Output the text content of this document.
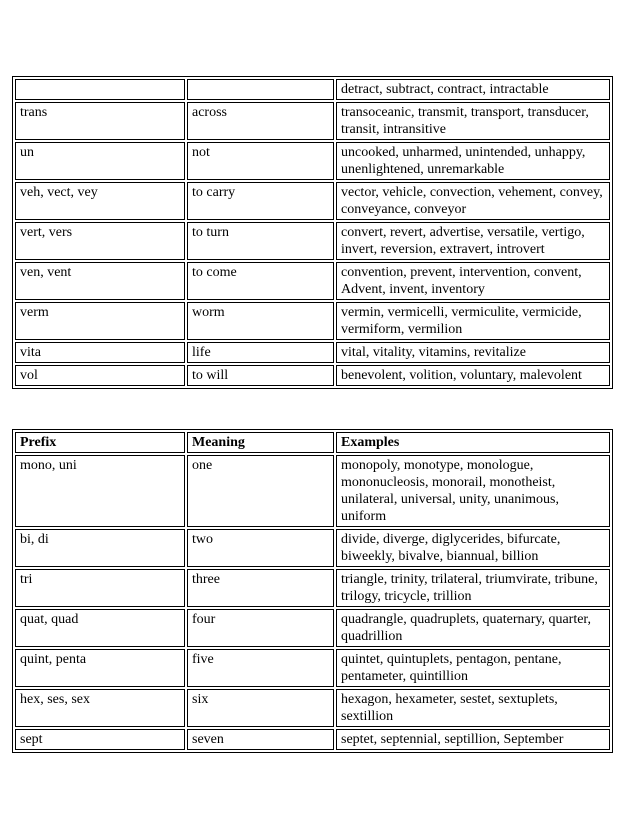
		detract, subtract, contract, intractable
trans	across	transoceanic, transmit, transport, transducer, transit, intransitive
un	not	uncooked, unharmed, unintended, unhappy, unenlightened, unremarkable
veh, vect, vey	to carry	vector, vehicle, convection, vehement, convey, conveyance, conveyor
vert, vers	to turn	convert, revert, advertise, versatile, vertigo, invert, reversion, extravert, introvert
ven, vent	to come	convention, prevent, intervention, convent, Advent, invent, inventory
verm	worm	vermin, vermicelli, vermiculite, vermicide, vermiform, vermilion
vita	life	vital, vitality, vitamins, revitalize
vol	to will	benevolent, volition, voluntary, malevolent
Prefix	Meaning	Examples
mono, uni	one	monopoly, monotype, monologue, mononucleosis, monorail, monotheist, unilateral, universal, unity, unanimous, uniform
bi, di	two	divide, diverge, diglycerides, bifurcate, biweekly, bivalve, biannual, billion
tri	three	triangle, trinity, trilateral, triumvirate, tribune, trilogy, tricycle, trillion
quat, quad	four	quadrangle, quadruplets, quaternary, quarter, quadrillion
quint, penta	five	quintet, quintuplets, pentagon, pentane, pentameter, quintillion
hex, ses, sex	six	hexagon, hexameter, sestet, sextuplets, sextillion
sept	seven	septet, septennial, septillion, September
